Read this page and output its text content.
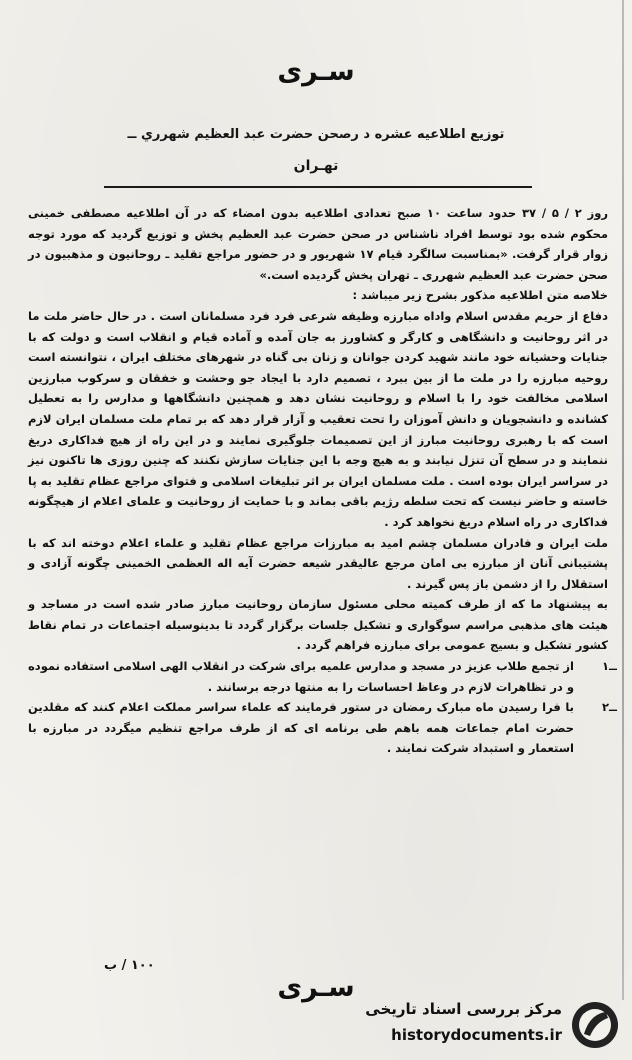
سـرى
توزيع اطلاعيه عشره د رصحن حضرت عبد العظيم شهرري ــ
تهـران

روز ۲ / ۵ / ۳۷ حدود ساعت ۱۰ صبح تعدادی اطلاعیه بدون امضاء که در آن اطلاعیه مصطفی خمینی محکوم شده بود توسط افراد ناشناس در صحن حضرت عبد العظیم پخش و توزیع گردید که مورد توجه زوار قرار گرفت. «بمناسبت سالگرد قیام ۱۷ شهریور و در حضور مراجع تقلید ـ روحانیون و مذهبیون در صحن حضرت عبد العظیم شهرری ـ تهران پخش گردیده است.»

خلاصه متن اطلاعیه مذکور بشرح زیر میباشد :

دفاع از حریم مقدس اسلام واداه مبارزه وظیفه شرعی فرد فرد مسلمانان است . در حال حاضر ملت ما در اثر روحانیت و دانشگاهی و کارگر و کشاورز به جان آمده و آماده قیام و انقلاب است و دولت که با جنایات وحشیانه خود مانند شهید کردن جوانان و زنان بی گناه در شهرهای مختلف ایران ، نتوانسته است روحیه مبارزه را در ملت ما از بین ببرد ، تصمیم دارد با ایجاد جو وحشت و خفقان و سرکوب مبارزین اسلامی مخالفت خود را با اسلام و روحانیت نشان دهد و همچنین دانشگاهها و مدارس را به تعطیل کشانده و دانشجویان و دانش آموزان را تحت تعقیب و آزار قرار دهد که بر تمام ملت مسلمان ایران لازم است که با رهبری روحانیت مبارز از این تصمیمات جلوگیری نمایند و در این راه از هیچ فداکاری دریغ ننمایند و در سطح آن تنزل نیابند و به هیچ وجه با این جنایات سازش نکنند که چنین روزی ها تاکنون نیز در سراسر ایران بوده است . ملت مسلمان ایران بر اثر تبلیغات اسلامی و فتوای مراجع عظام تقلید به پا خاسته و حاضر نیست که تحت سلطه رژیم باقی بماند و با حمایت از روحانیت و علمای اعلام از هیچگونه فداکاری در راه اسلام دریغ نخواهد کرد .

ملت ایران و فادران مسلمان چشم امید به مبارزات مراجع عظام تقلید و علماء اعلام دوخته اند که با پشتیبانی آنان از مبارزه بی امان مرجع عالیقدر شیعه حضرت آیه اله العظمی الخمینی چگونه آزادی و استقلال را از دشمن باز پس گیرند .

به پیشنهاد ما که از طرف کمیته محلی مسئول سازمان روحانیت مبارز صادر شده است در مساجد و هیئت های مذهبی مراسم سوگواری و تشکیل جلسات برگزار گردد تا بدینوسیله اجتماعات در تمام نقاط کشور تشکیل و بسیج عمومی برای مبارزه فراهم گردد .

۱ــ
از تجمع طلاب عزیز در مسجد و مدارس علمیه برای شرکت در انقلاب الهی اسلامی استفاده نموده و در تظاهرات لازم در وعاظ احساسات را به منتها درجه برسانند .
۲ــ
با فرا رسیدن ماه مبارک رمضان در ستور فرمایند که علماء سراسر مملکت اعلام کنند که مقلدین حضرت امام جماعات همه باهم طی برنامه ای که از طرف مراجع تنظیم میگردد در مبارزه با استعمار و استبداد شرکت نمایند .
۱۰۰ / ب
سـرى
مرکز بررسی اسناد تاریخی
historydocuments.ir
